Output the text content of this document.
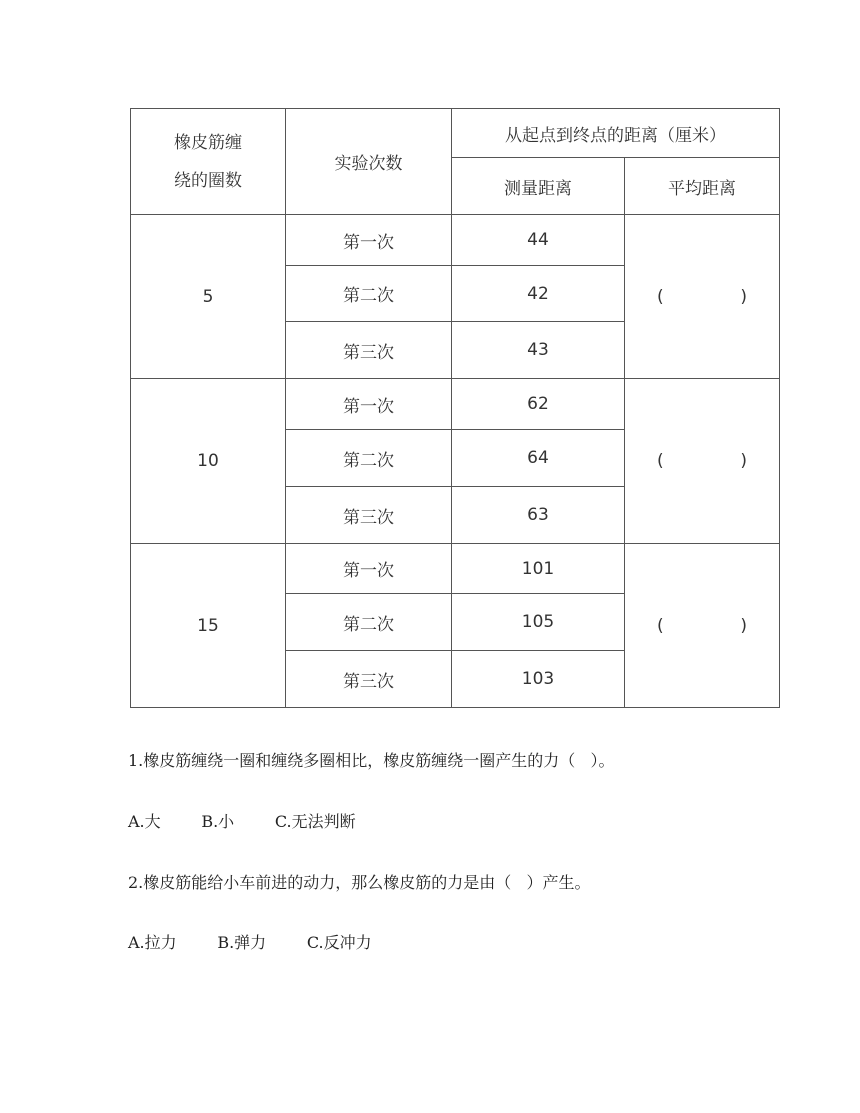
橡皮筋缠
绕的圈数	实验次数	从起点到终点的距离（厘米）	
		测量距离	平均距离
5	第一次	44	( )

	第二次	42	
	第三次	43	
10	第一次	62	( )

	第二次	64	
	第三次	63	
15	第一次	101	( )

	第二次	105	
	第三次	103	
1.橡皮筋缠绕一圈和缠绕多圈相比，橡皮筋缠绕一圈产生的力（   ）。
A.大        B.小        C.无法判断
2.橡皮筋能给小车前进的动力，那么橡皮筋的力是由（   ）产生。
A.拉力        B.弹力        C.反冲力
